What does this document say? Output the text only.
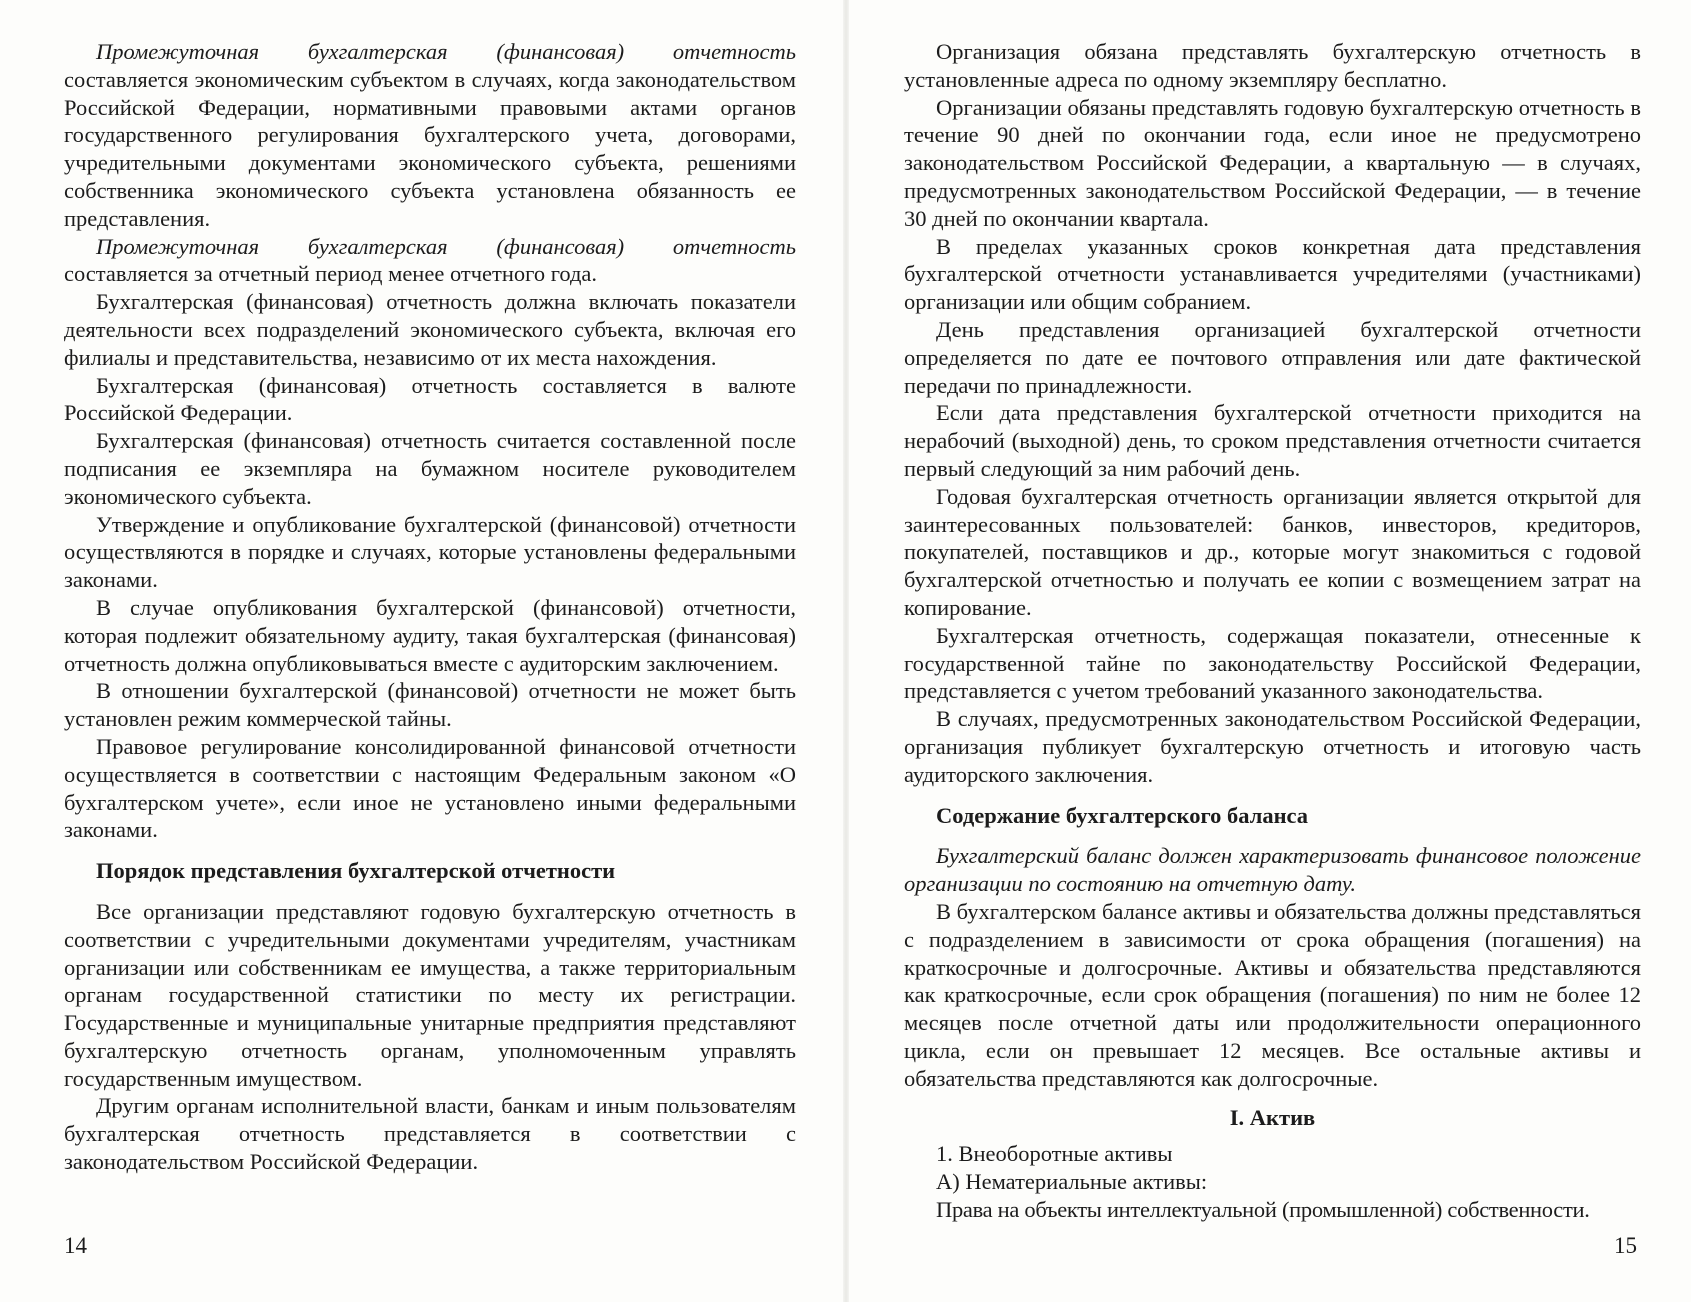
Промежуточная бухгалтерская (финансовая) отчетность составляется экономическим субъектом в случаях, когда законодательством Российской Федерации, нормативными правовыми актами органов государственного регулирования бухгалтерского учета, договорами, учредительными документами экономического субъекта, решениями собственника экономического субъекта установлена обязанность ее представления.

Промежуточная бухгалтерская (финансовая) отчетность составляется за отчетный период менее отчетного года.

Бухгалтерская (финансовая) отчетность должна включать показатели деятельности всех подразделений экономического субъекта, включая его филиалы и представительства, независимо от их места нахождения.

Бухгалтерская (финансовая) отчетность составляется в валюте Российской Федерации.

Бухгалтерская (финансовая) отчетность считается составленной после подписания ее экземпляра на бумажном носителе руководителем экономического субъекта.

Утверждение и опубликование бухгалтерской (финансовой) отчетности осуществляются в порядке и случаях, которые установлены федеральными законами.

В случае опубликования бухгалтерской (финансовой) отчетности, которая подлежит обязательному аудиту, такая бухгалтерская (финансовая) отчетность должна опубликовываться вместе с аудиторским заключением.

В отношении бухгалтерской (финансовой) отчетности не может быть установлен режим коммерческой тайны.

Правовое регулирование консолидированной финансовой отчетности осуществляется в соответствии с настоящим Федеральным законом «О бухгалтерском учете», если иное не установлено иными федеральными законами.

Порядок представления бухгалтерской отчетности

Все организации представляют годовую бухгалтерскую отчетность в соответствии с учредительными документами учредителям, участникам организации или собственникам ее имущества, а также территориальным органам государственной статистики по месту их регистрации. Государственные и муниципальные унитарные предприятия представляют бухгалтерскую отчетность органам, уполномоченным управлять государственным имуществом.

Другим органам исполнительной власти, банкам и иным пользователям бухгалтерская отчетность представляется в соответствии с законодательством Российской Федерации.

Организация обязана представлять бухгалтерскую отчетность в установленные адреса по одному экземпляру бесплатно.

Организации обязаны представлять годовую бухгалтерскую отчетность в течение 90 дней по окончании года, если иное не предусмотрено законодательством Российской Федерации, а квартальную — в случаях, предусмотренных законодательством Российской Федерации, — в течение 30 дней по окончании квартала.

В пределах указанных сроков конкретная дата представления бухгалтерской отчетности устанавливается учредителями (участниками) организации или общим собранием.

День представления организацией бухгалтерской отчетности определяется по дате ее почтового отправления или дате фактической передачи по принадлежности.

Если дата представления бухгалтерской отчетности приходится на нерабочий (выходной) день, то сроком представления отчетности считается первый следующий за ним рабочий день.

Годовая бухгалтерская отчетность организации является открытой для заинтересованных пользователей: банков, инвесторов, кредиторов, покупателей, поставщиков и др., которые могут знакомиться с годовой бухгалтерской отчетностью и получать ее копии с возмещением затрат на копирование.

Бухгалтерская отчетность, содержащая показатели, отнесенные к государственной тайне по законодательству Российской Федерации, представляется с учетом требований указанного законодательства.

В случаях, предусмотренных законодательством Российской Федерации, организация публикует бухгалтерскую отчетность и итоговую часть аудиторского заключения.

Содержание бухгалтерского баланса

Бухгалтерский баланс должен характеризовать финансовое положение организации по состоянию на отчетную дату.

В бухгалтерском балансе активы и обязательства должны представляться с подразделением в зависимости от срока обращения (погашения) на краткосрочные и долгосрочные. Активы и обязательства представляются как краткосрочные, если срок обращения (погашения) по ним не более 12 месяцев после отчетной даты или продолжительности операционного цикла, если он превышает 12 месяцев. Все остальные активы и обязательства представляются как долгосрочные.

I. Актив

1. Внеоборотные активы

А) Нематериальные активы:

Права на объекты интеллектуальной (промышленной) собственности.

14	15
